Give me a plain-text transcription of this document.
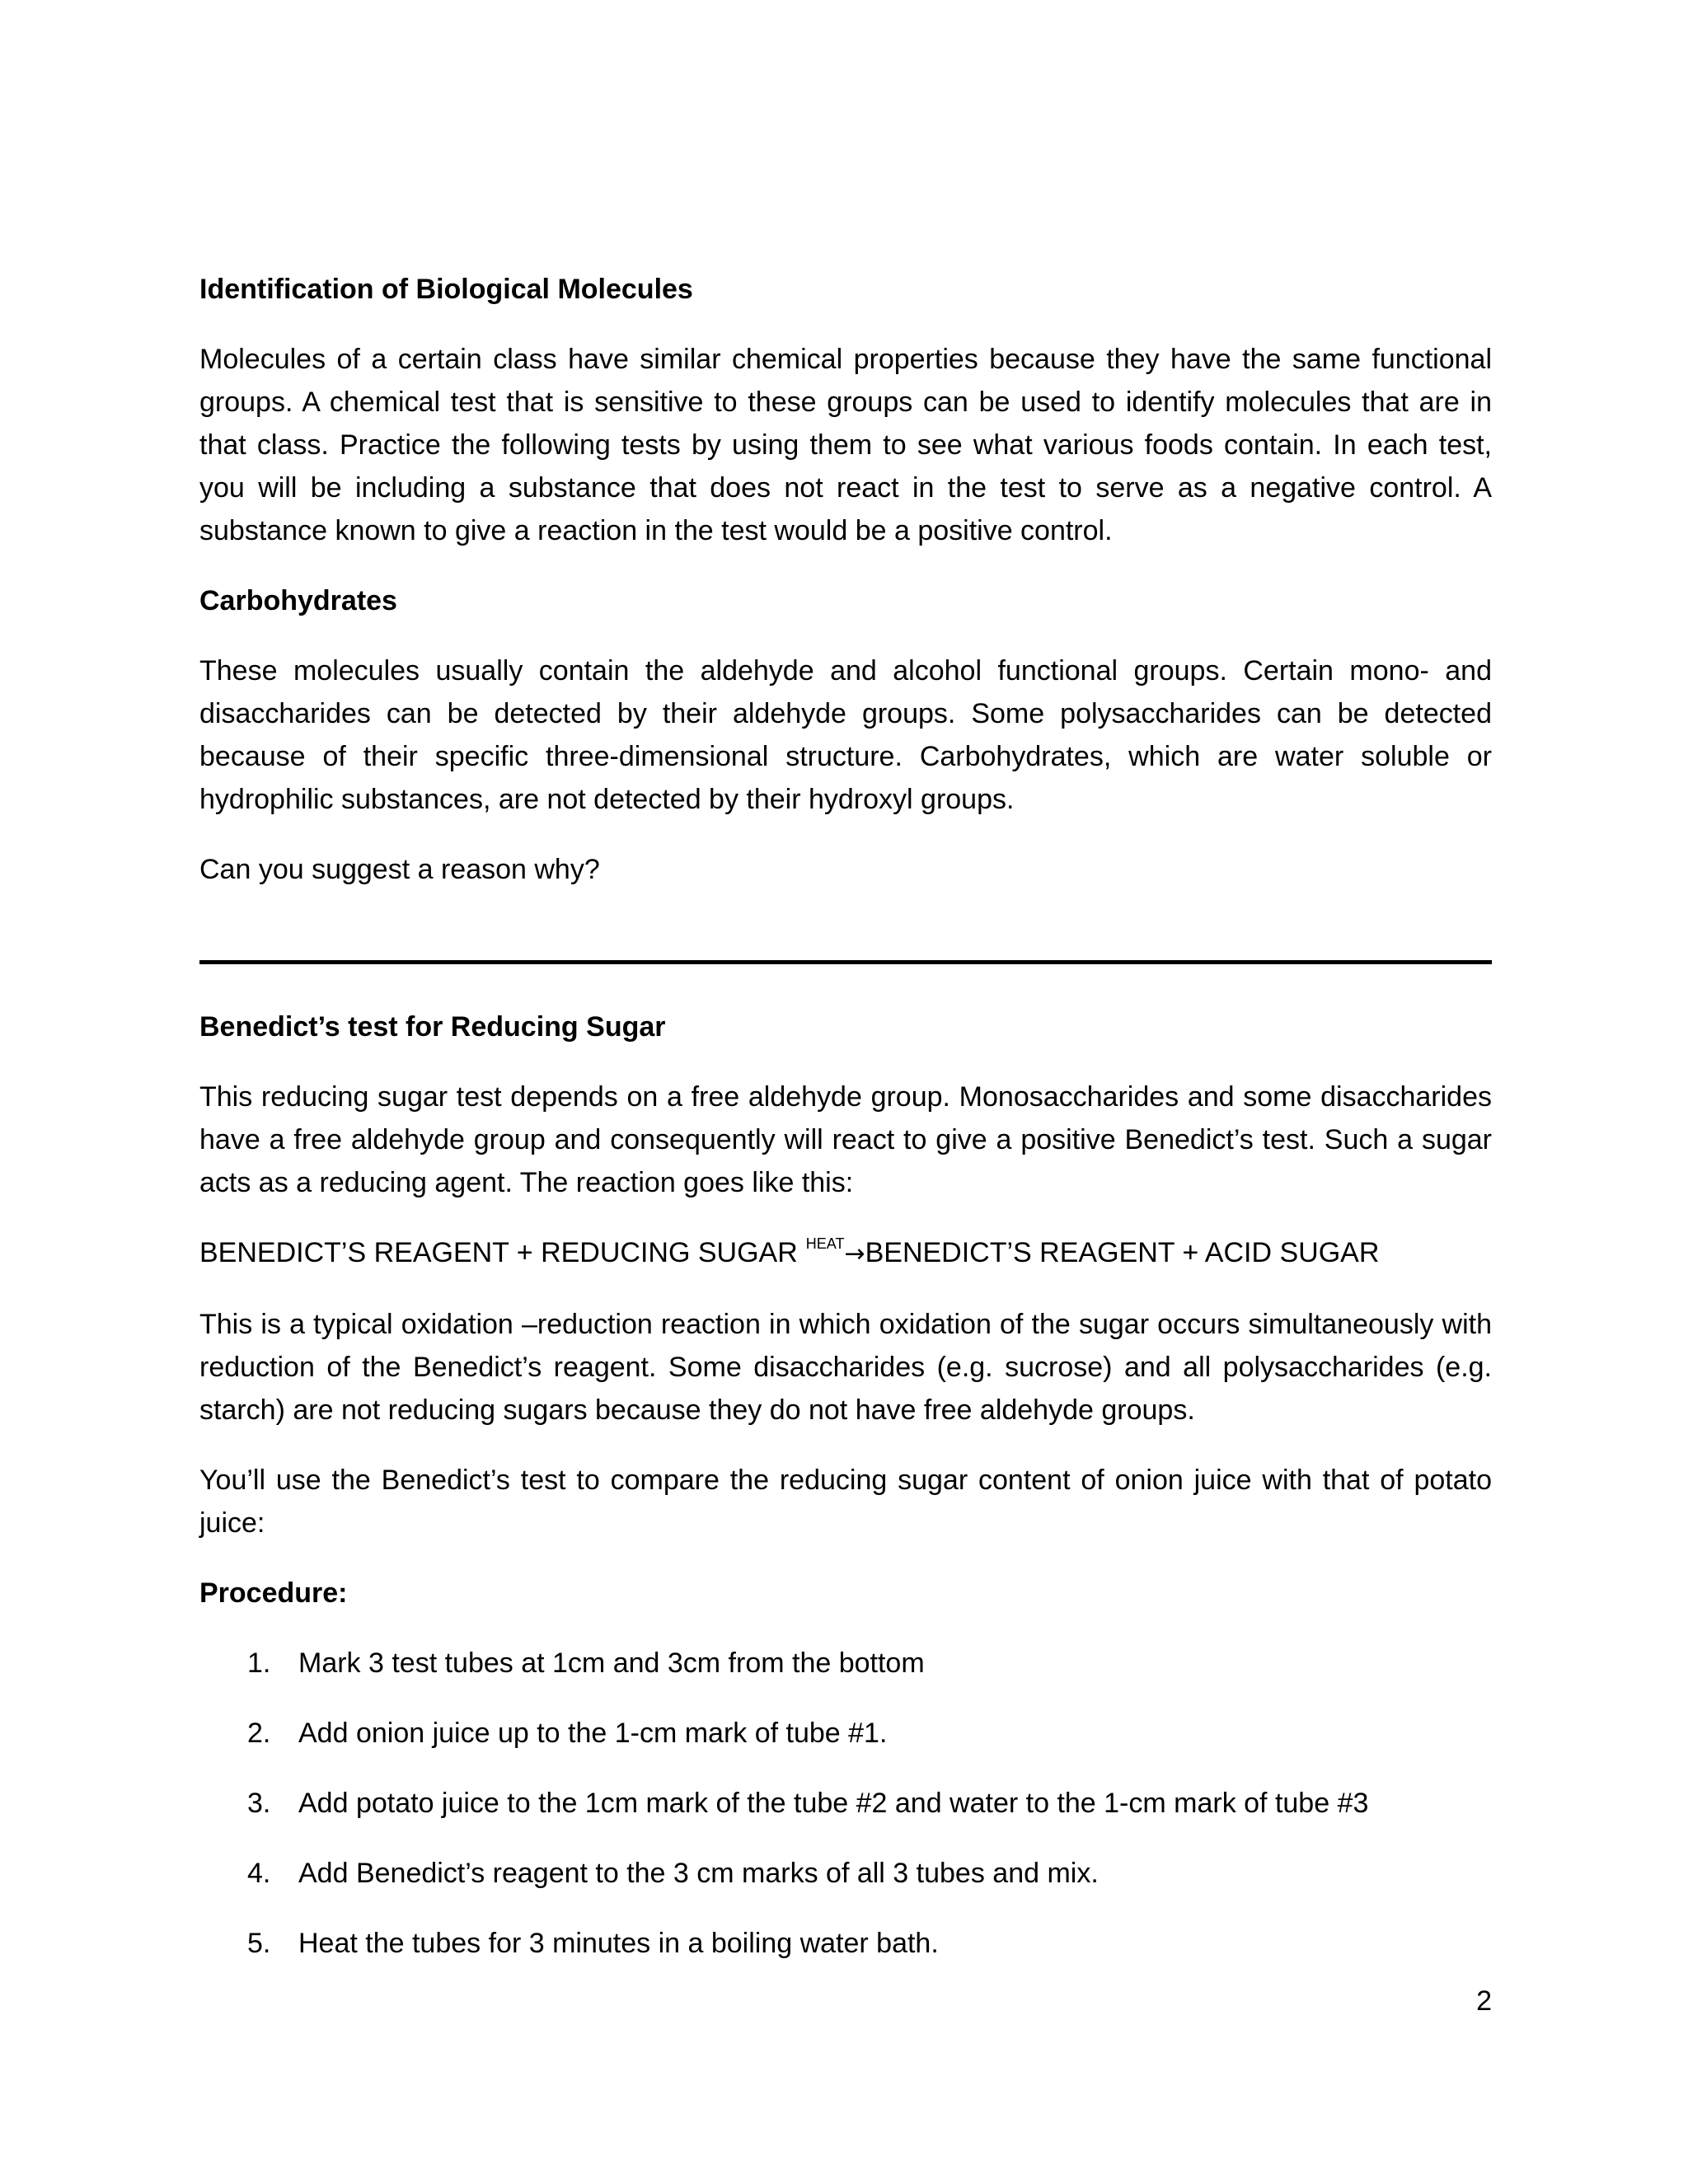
Identification of Biological Molecules

Molecules of a certain class have similar chemical properties because they have the same functional groups. A chemical test that is sensitive to these groups can be used to identify molecules that are in that class. Practice the following tests by using them to see what various foods contain. In each test, you will be including a substance that does not react in the test to serve as a negative control. A substance known to give a reaction in the test would be a positive control.

Carbohydrates

These molecules usually contain the aldehyde and alcohol functional groups. Certain mono- and disaccharides can be detected by their aldehyde groups. Some polysaccharides can be detected because of their specific three-dimensional structure. Carbohydrates, which are water soluble or hydrophilic substances, are not detected by their hydroxyl groups.

Can you suggest a reason why?

Benedict’s test for Reducing Sugar

This reducing sugar test depends on a free aldehyde group. Monosaccharides and some disaccharides have a free aldehyde group and consequently will react to give a positive Benedict’s test. Such a sugar acts as a reducing agent. The reaction goes like this:

BENEDICT’S REAGENT + REDUCING SUGAR $^{HEAT}$→BENEDICT’S REAGENT + ACID SUGAR

This is a typical oxidation –reduction reaction in which oxidation of the sugar occurs simultaneously with reduction of the Benedict’s reagent. Some disaccharides (e.g. sucrose) and all polysaccharides (e.g. starch) are not reducing sugars because they do not have free aldehyde groups.

You’ll use the Benedict’s test to compare the reducing sugar content of onion juice with that of potato juice:

Procedure:
1. Mark 3 test tubes at 1cm and 3cm from the bottom
2. Add onion juice up to the 1-cm mark of tube #1.
3. Add potato juice to the 1cm mark of the tube #2 and water to the 1-cm mark of tube #3
4. Add Benedict’s reagent to the 3 cm marks of all 3 tubes and mix.
5. Heat the tubes for 3 minutes in a boiling water bath.
2
